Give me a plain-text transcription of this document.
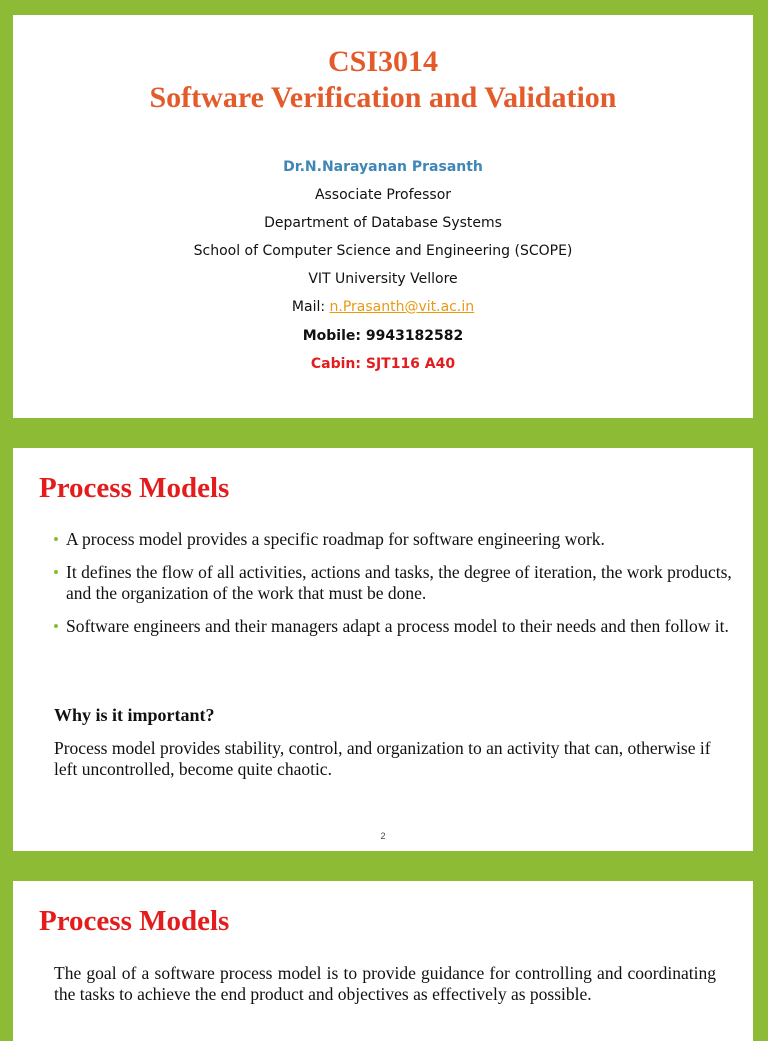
CSI3014
Software Verification and Validation
Dr.N.Narayanan Prasanth
Associate Professor
Department of Database Systems
School of Computer Science and Engineering (SCOPE)
VIT University Vellore
Mail: n.Prasanth@vit.ac.in
Mobile: 9943182582
Cabin: SJT116 A40
Process Models
• A process model provides a specific roadmap for software engineering work.
• It defines the flow of all activities, actions and tasks, the degree of iteration, the work products, and the organization of the work that must be done.
• Software engineers and their managers adapt a process model to their needs and then follow it.
Why is it important?
Process model provides stability, control, and organization to an activity that can, otherwise if left uncontrolled, become quite chaotic.
2
Process Models
The goal of a software process model is to provide guidance for controlling and coordinating the tasks to achieve the end product and objectives as effectively as possible.
